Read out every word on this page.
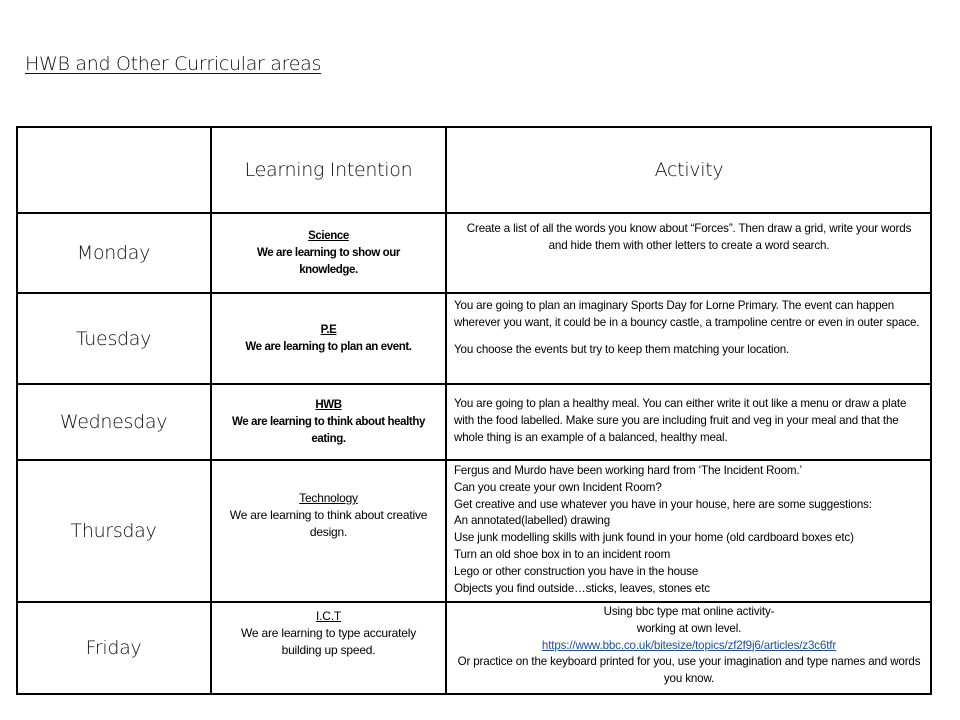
HWB and Other Curricular areas
Learning Intention	Activity
Monday
Science
We are learning to show our knowledge.
Create a list of all the words you know about “Forces”. Then draw a grid, write your words and hide them with other letters to create a word search.
Tuesday	P.E
We are learning to plan an event.
You are going to plan an imaginary Sports Day for Lorne Primary. The event can happen wherever you want, it could be in a bouncy castle, a trampoline centre or even in outer space.
You choose the events but try to keep them matching your location.
Wednesday
HWB
We are learning to think about healthy eating.
You are going to plan a healthy meal. You can either write it out like a menu or draw a plate with the food labelled. Make sure you are including fruit and veg in your meal and that the whole thing is an example of a balanced, healthy meal.
Thursday
Technology
We are learning to think about creative design.
Fergus and Murdo have been working hard from ‘The Incident Room.’
Can you create your own Incident Room?
Get creative and use whatever you have in your house, here are some suggestions:
An annotated(labelled) drawing
Use junk modelling skills with junk found in your home (old cardboard boxes etc)
Turn an old shoe box in to an incident room
Lego or other construction you have in the house
Objects you find outside…sticks, leaves, stones etc
Friday
I.C.T
We are learning to type accurately building up speed.
Using bbc type mat online activity-
working at own level.
https://www.bbc.co.uk/bitesize/topics/zf2f9j6/articles/z3c6tfr
Or practice on the keyboard printed for you, use your imagination and type names and words you know.
